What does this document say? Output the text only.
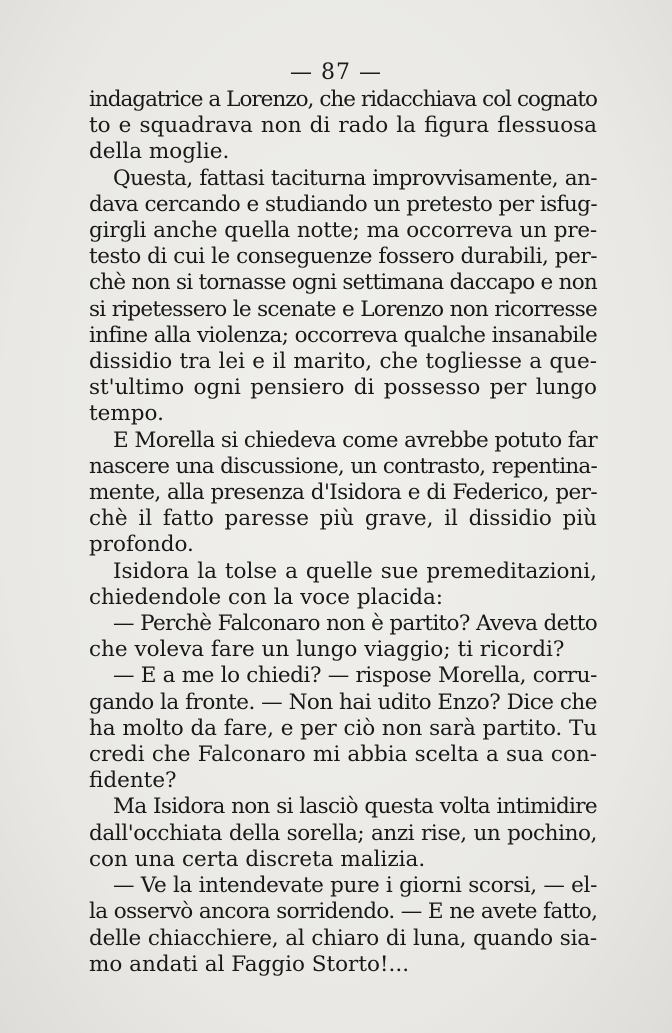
— 87 —
indagatrice a Lorenzo, che ridacchiava col cognato
to e squadrava non di rado la figura flessuosa
della moglie.
Questa, fattasi taciturna improvvisamente, an-
dava cercando e studiando un pretesto per isfug-
girgli anche quella notte; ma occorreva un pre-
testo di cui le conseguenze fossero durabili, per-
chè non si tornasse ogni settimana daccapo e non
si ripetessero le scenate e Lorenzo non ricorresse
infine alla violenza; occorreva qualche insanabile
dissidio tra lei e il marito, che togliesse a que-
st'ultimo ogni pensiero di possesso per lungo
tempo.
E Morella si chiedeva come avrebbe potuto far
nascere una discussione, un contrasto, repentina-
mente, alla presenza d'Isidora e di Federico, per-
chè il fatto paresse più grave, il dissidio più
profondo.
Isidora la tolse a quelle sue premeditazioni,
chiedendole con la voce placida:
— Perchè Falconaro non è partito? Aveva detto
che voleva fare un lungo viaggio; ti ricordi?
— E a me lo chiedi? — rispose Morella, corru-
gando la fronte. — Non hai udito Enzo? Dice che
ha molto da fare, e per ciò non sarà partito. Tu
credi che Falconaro mi abbia scelta a sua con-
fidente?
Ma Isidora non si lasciò questa volta intimidire
dall'occhiata della sorella; anzi rise, un pochino,
con una certa discreta malizia.
— Ve la intendevate pure i giorni scorsi, — el-
la osservò ancora sorridendo. — E ne avete fatto,
delle chiacchiere, al chiaro di luna, quando sia-
mo andati al Faggio Storto!...
